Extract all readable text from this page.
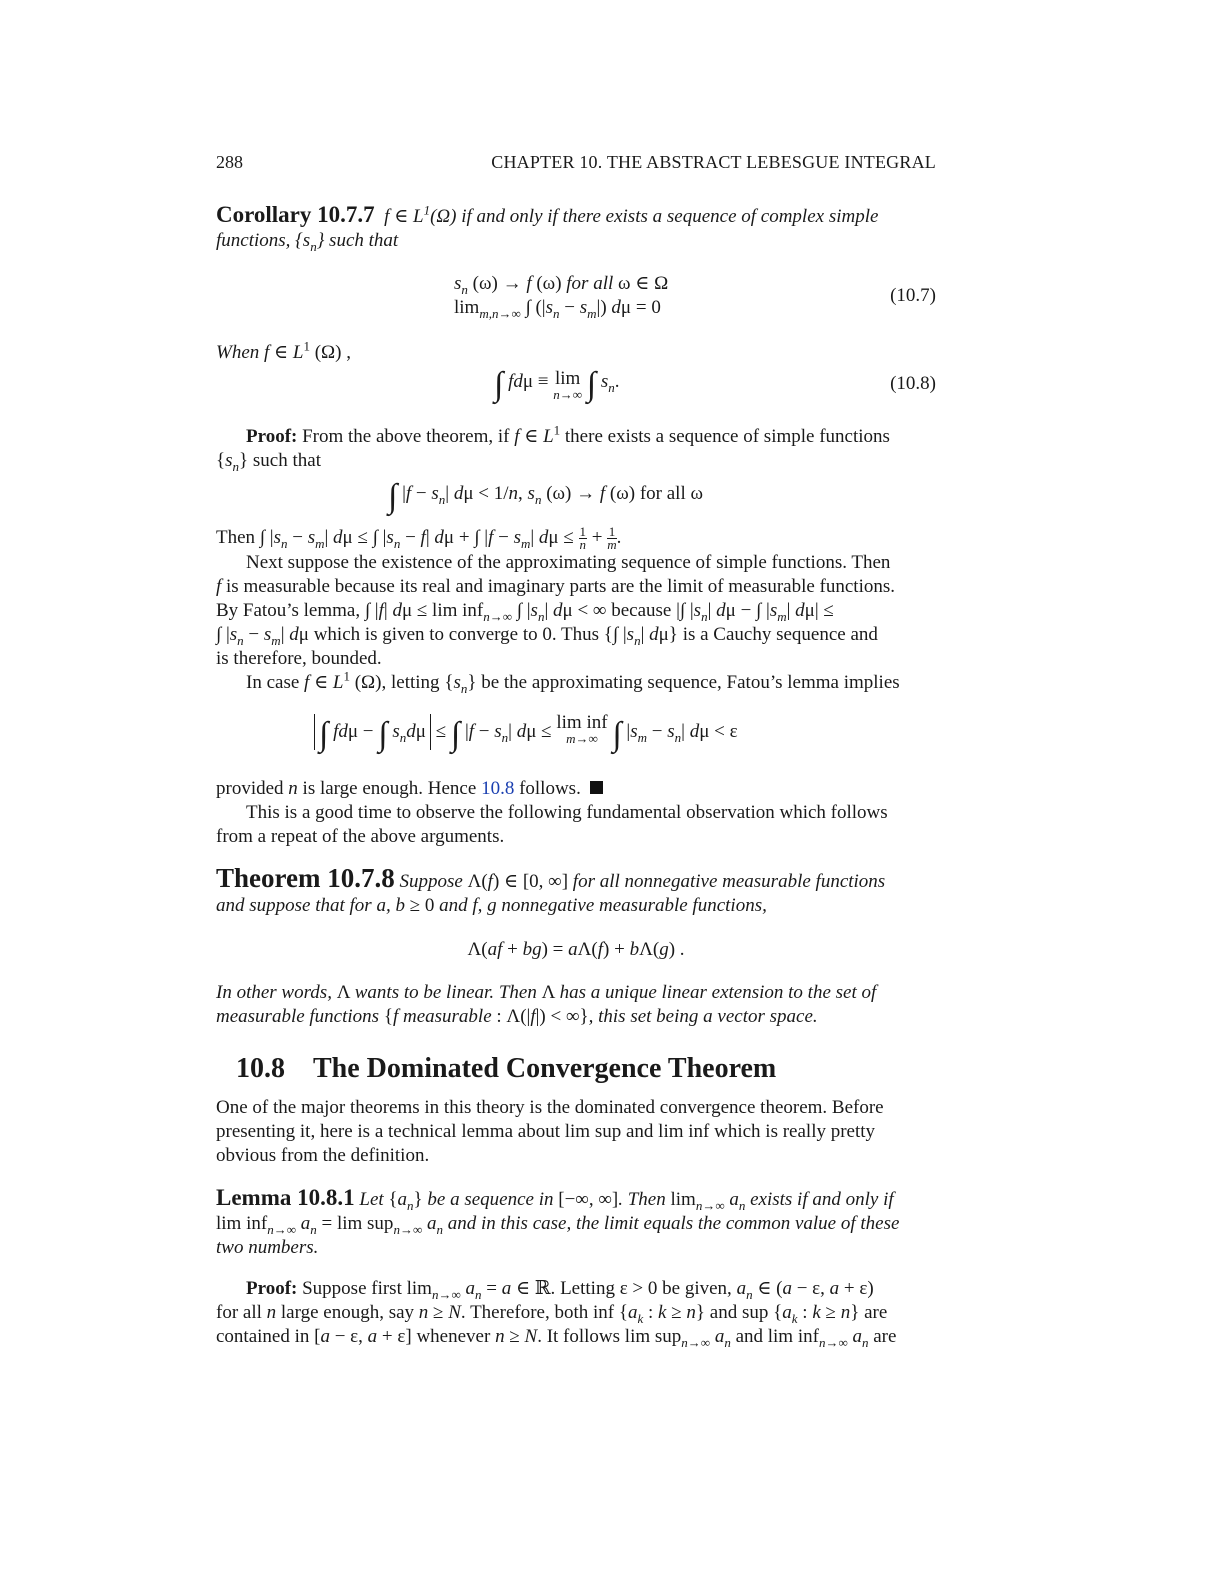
288	CHAPTER 10. THE ABSTRACT LEBESGUE INTEGRAL
Corollary 10.7.7 f ∈ $L^1(\Omega)$ if and only if there exists a sequence of complex simple
functions, $\{s_n\}$ such that
$s_n$ (ω) → f (ω) for all ω ∈ Ω
$\lim_{m,n\to\infty}$ ∫ $(|s_n - s_m|) d\mu = 0$
(10.7)
When f ∈ $L^1$ (Ω) ,
∫ fdμ ≡ lim
n→∞ ∫ $s_n$.	(10.8)
Proof: From the above theorem, if f ∈ $L^1$ there exists a sequence of simple functions
$\{s_n\}$ such that
∫ $|f - s_n|$ dμ < 1/n, $s_n$ (ω) → f (ω) for all ω
Then ∫ $|s_n - s_m|$ dμ ≤ ∫ $|s_n - f|$ dμ + ∫ $|f - s_m|$ $d\mu \le \frac{1}{n} + \frac{1}{m}$ .
Next suppose the existence of the approximating sequence of simple functions. Then
f is measurable because its real and imaginary parts are the limit of measurable functions.
By Fatou’s lemma, ∫ |f| dμ ≤ lim inf$_{n\to\infty}$ ∫ $|s_n|$ dμ < ∞ because |∫ $|s_n|$ dμ − ∫ $|s_m|$ dμ| ≤
∫ $|s_n - s_m|$ dμ which is given to converge to 0. Thus {∫ $|s_n|$ dμ} is a Cauchy sequence and
is therefore, bounded.
In case f ∈ $L^1$ (Ω), letting $\{s_n\}$ be the approximating sequence, Fatou’s lemma implies
∫ fdμ − ∫ $s_nd\mu$ ≤ ∫ $|f - s_n|$ dμ ≤ lim inf
m→∞ ∫ $|s_m - s_n|$ dμ < ε
provided n is large enough. Hence 10.8 follows.
This is a good time to observe the following fundamental observation which follows
from a repeat of the above arguments.
Theorem 10.7.8 Suppose Λ(f) ∈ [0, ∞] for all nonnegative measurable functions
and suppose that for a, b ≥ 0 and f, g nonnegative measurable functions,
Λ(af + bg) = aΛ(f) + bΛ(g) .
In other words, Λ wants to be linear. Then Λ has a unique linear extension to the set of
measurable functions {f measurable : Λ(|f|) < ∞}, this set being a vector space.
10.8 The Dominated Convergence Theorem
One of the major theorems in this theory is the dominated convergence theorem. Before
presenting it, here is a technical lemma about lim sup and lim inf which is really pretty
obvious from the definition.
Lemma 10.8.1 Let $\{a_n\}$ be a sequence in [−∞, ∞]. Then $\lim_{n\to\infty} a_n$ exists if and only if
lim inf$_{n\to\infty}$ $a_n = \lim sup_{n\to\infty}$ $a_n$ and in this case, the limit equals the common value of these
two numbers.
Proof: Suppose first $\lim_{n\to\infty} a_n = a$ ∈ ℝ. Letting ε > 0 be given, $a_n$ ∈ (a − ε, a + ε)
for all n large enough, say n ≥ N. Therefore, both inf {$a_k$ : k ≥ n} and sup {$a_k$ : k ≥ n} are
contained in [a − ε, a + ε] whenever n ≥ N. It follows lim sup$_{n\to\infty}$ $a_n$ and lim inf$_{n\to\infty}$ $a_n$ are
